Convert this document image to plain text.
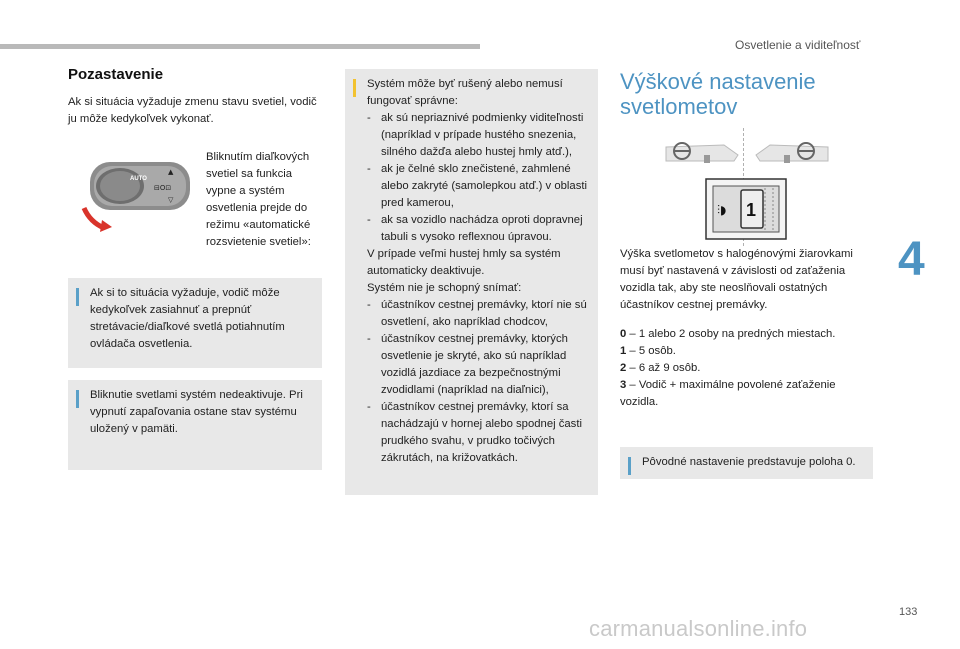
Osvetlenie a viditeľnosť
Pozastavenie

Ak si situácia vyžaduje zmenu stavu svetiel, vodič ju môže kedykoľvek vykonať.

AUTO
▲
⊟O⊡
▽

Bliknutím diaľkových svetiel sa funkcia vypne a systém osvetlenia prejde do režimu «automatické rozsvietenie svetiel»:

Ak si to situácia vyžaduje, vodič môže kedykoľvek zasiahnuť a prepnúť stretávacie/diaľkové svetlá potiahnutím ovládača osvetlenia.

Bliknutie svetlami systém nedeaktivuje. Pri vypnutí zapaľovania ostane stav systému uložený v pamäti.

Systém môže byť rušený alebo nemusí fungovať správne:

- ak sú nepriaznivé podmienky viditeľnosti (napríklad v prípade hustého snezenia, silného dažďa alebo hustej hmly atď.),

- ak je čelné sklo znečistené, zahmlené alebo zakryté (samolepkou atď.) v oblasti pred kamerou,

- ak sa vozidlo nachádza oproti dopravnej tabuli s vysoko reflexnou úpravou.

V prípade veľmi hustej hmly sa systém automaticky deaktivuje.

Systém nie je schopný snímať:

- účastníkov cestnej premávky, ktorí nie sú osvetlení, ako napríklad chodcov,

- účastníkov cestnej premávky, ktorých osvetlenie je skryté, ako sú napríklad vozidlá jazdiace za bezpečnostnými zvodidlami (napríklad na diaľnici),

- účastníkov cestnej premávky, ktorí sa nachádzajú v hornej alebo spodnej časti prudkého svahu, v prudko točivých zákrutách, na križovatkách.

Výškové nastavenie svetlometov
1
⫶◗

Výška svetlometov s halogénovými žiarovkami musí byť nastavená v závislosti od zaťaženia vozidla tak, aby ste neoslňovali ostatných účastníkov cestnej premávky.

0 – 1 alebo 2 osoby na predných miestach.

1 – 5 osôb.

2 – 6 až 9 osôb.

3 – Vodič + maximálne povolené zaťaženie vozidla.

Pôvodné nastavenie predstavuje poloha 0.

4
133
carmanualsonline.info
